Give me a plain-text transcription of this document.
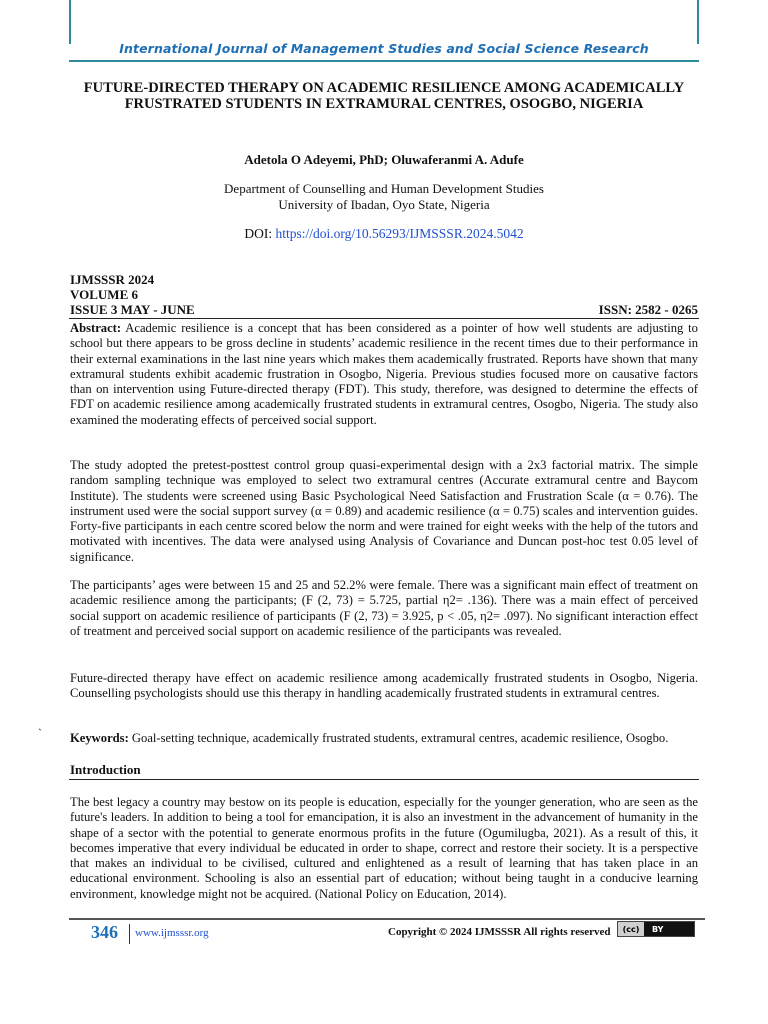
International Journal of Management Studies and Social Science Research
FUTURE-DIRECTED THERAPY ON ACADEMIC RESILIENCE AMONG ACADEMICALLY FRUSTRATED STUDENTS IN EXTRAMURAL CENTRES, OSOGBO, NIGERIA
Adetola O Adeyemi, PhD; Oluwaferanmi A. Adufe
Department of Counselling and Human Development Studies
University of Ibadan, Oyo State, Nigeria
DOI: https://doi.org/10.56293/IJMSSSR.2024.5042
IJMSSSR 2024
VOLUME 6
ISSUE 3 MAY - JUNE	ISSN: 2582 - 0265

Abstract: Academic resilience is a concept that has been considered as a pointer of how well students are adjusting to school but there appears to be gross decline in students’ academic resilience in the recent times due to their performance in their external examinations in the last nine years which makes them academically frustrated. Reports have shown that many extramural students exhibit academic frustration in Osogbo, Nigeria. Previous studies focused more on causative factors than on intervention using Future-directed therapy (FDT). This study, therefore, was designed to determine the effects of FDT on academic resilience among academically frustrated students in extramural centres, Osogbo, Nigeria. The study also examined the moderating effects of perceived social support.

The study adopted the pretest-posttest control group quasi-experimental design with a 2x3 factorial matrix. The simple random sampling technique was employed to select two extramural centres (Accurate extramural centre and Baycom Institute). The students were screened using Basic Psychological Need Satisfaction and Frustration Scale (α = 0.76). The instrument used were the social support survey (α = 0.89) and academic resilience (α = 0.75) scales and intervention guides. Forty-five participants in each centre scored below the norm and were trained for eight weeks with the help of the tutors and motivated with incentives. The data were analysed using Analysis of Covariance and Duncan post-hoc test 0.05 level of significance.

The participants’ ages were between 15 and 25 and 52.2% were female. There was a significant main effect of treatment on academic resilience among the participants; (F (2, 73) = 5.725, partial η2= .136). There was a main effect of perceived social support on academic resilience of participants (F (2, 73) = 3.925, p < .05, η2= .097). No significant interaction effect of treatment and perceived social support on academic resilience of the participants was revealed.

Future-directed therapy have effect on academic resilience among academically frustrated students in Osogbo, Nigeria. Counselling psychologists should use this therapy in handling academically frustrated students in extramural centres.

` Keywords: Goal-setting technique, academically frustrated students, extramural centres, academic resilience, Osogbo.

Introduction

The best legacy a country may bestow on its people is education, especially for the younger generation, who are seen as the future's leaders. In addition to being a tool for emancipation, it is also an investment in the advancement of humanity in the shape of a sector with the potential to generate enormous profits in the future (Ogumilugba, 2021). As a result of this, it becomes imperative that every individual be educated in order to shape, correct and restore their society. It is a perspective that makes an individual to be civilised, cultured and enlightened as a result of learning that has taken place in an educational environment. Schooling is also an essential part of education; without being taught in a conducive learning environment, knowledge might not be acquired. (National Policy on Education, 2014).

346 www.ijmsssr.org	Copyright © 2024 IJMSSSR All rights reserved	(cc)	BY
